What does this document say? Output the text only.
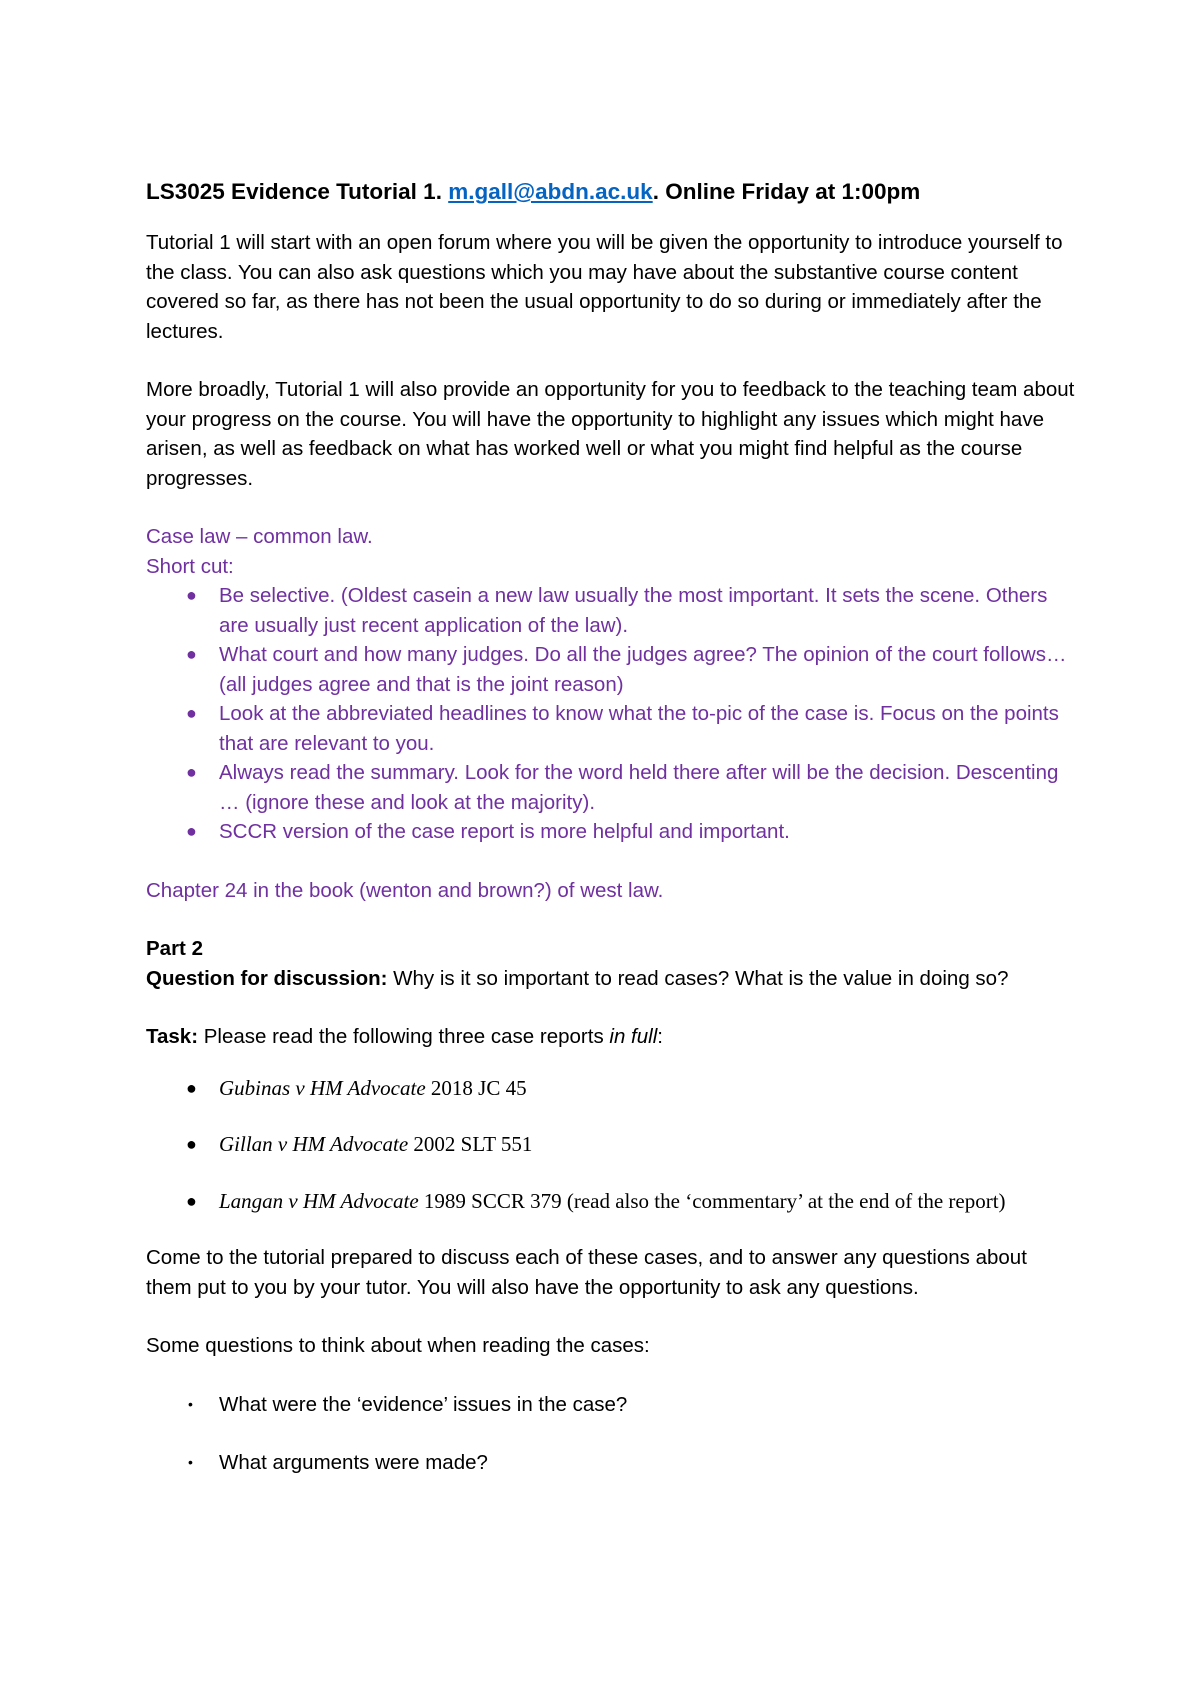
LS3025 Evidence Tutorial 1. m.gall@abdn.ac.uk. Online Friday at 1:00pm

Tutorial 1 will start with an open forum where you will be given the opportunity to introduce yourself to the class. You can also ask questions which you may have about the substantive course content covered so far, as there has not been the usual opportunity to do so during or immediately after the lectures.

More broadly, Tutorial 1 will also provide an opportunity for you to feedback to the teaching team about your progress on the course. You will have the opportunity to highlight any issues which might have arisen, as well as feedback on what has worked well or what you might find helpful as the course progresses.

Case law – common law.

Short cut:

● Be selective. (Oldest casein a new law usually the most important. It sets the scene. Others are usually just recent application of the law).
● What court and how many judges. Do all the judges agree? The opinion of the court follows… (all judges agree and that is the joint reason)
● Look at the abbreviated headlines to know what the to-pic of the case is. Focus on the points that are relevant to you.
● Always read the summary. Look for the word held there after will be the decision. Descenting … (ignore these and look at the majority).
● SCCR version of the case report is more helpful and important.

Chapter 24 in the book (wenton and brown?) of west law.

Part 2

Question for discussion: Why is it so important to read cases? What is the value in doing so?

Task: Please read the following three case reports in full:

● Gubinas v HM Advocate 2018 JC 45
● Gillan v HM Advocate 2002 SLT 551
● Langan v HM Advocate 1989 SCCR 379 (read also the ‘commentary’ at the end of the report)

Come to the tutorial prepared to discuss each of these cases, and to answer any questions about them put to you by your tutor. You will also have the opportunity to ask any questions.

Some questions to think about when reading the cases:

• What were the ‘evidence’ issues in the case?
• What arguments were made?
